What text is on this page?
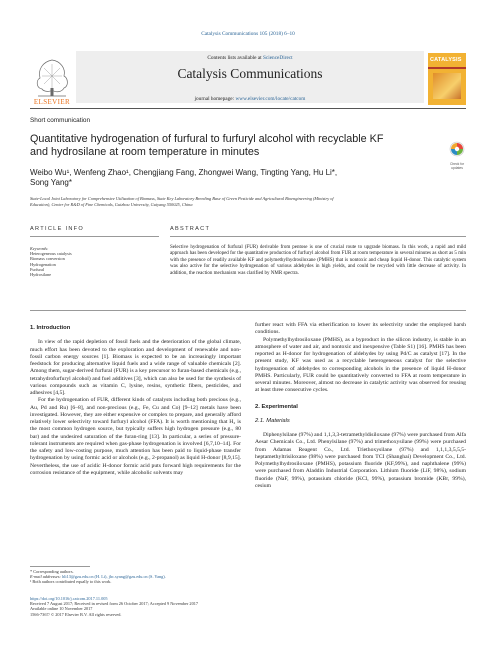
Catalysis Communications 105 (2018) 6–10
ELSEVIER
Contents lists available at ScienceDirect
Catalysis Communications
journal homepage: www.elsevier.com/locate/catcom
CATALYSIS
Short communication
Quantitative hydrogenation of furfural to furfuryl alcohol with recyclable KF
and hydrosilane at room temperature in minutes
Check for updates
Weibo Wu¹, Wenfeng Zhao¹, Chengjiang Fang, Zhongwei Wang, Tingting Yang, Hu Li*,
Song Yang*
State-Local Joint Laboratory for Comprehensive Utilization of Biomass, State Key Laboratory Breeding Base of Green Pesticide and Agricultural Bioengineering (Ministry of
Education), Center for R&D of Fine Chemicals, Guizhou University, Guiyang 550025, China
ARTICLE INFO	ABSTRACT
Keywords:
Heterogeneous catalysis
Biomass conversion
Hydrogenation
Furfural
Hydrosilane
Selective hydrogenation of furfural (FUR) derivable from pentose is one of crucial route to upgrade biomass. In this work, a rapid and mild approach has been developed for the quantitative production of furfuryl alcohol from FUR at room temperature in several minutes as short as 5 min with the presence of readily available KF and polymethylhydrosiloxane (PMHS) that is nontoxic and cheap liquid H-donor. This catalytic system was also active for the selective hydrogenation of various aldehydes in high yields, and could be recycled with little decrease of activity. In addition, the reaction mechanism was clarified by NMR spectra.
1. Introduction

In view of the rapid depletion of fossil fuels and the deterioration of the global climate, much effort has been devoted to the exploration and development of renewable and non-fossil carbon energy sources [1]. Biomass is expected to be an increasingly important feedstock for producing alternative liquid fuels and a wide range of valuable chemicals [2]. Among them, sugar-derived furfural (FUR) is a key precursor to furan-based chemicals (e.g., tetrahydrofurfuryl alcohol) and fuel additives [3], which can also be used for the synthesis of various compounds such as vitamin C, lysine, resins, synthetic fibers, pesticides, and adhesives [4,5].

For the hydrogenation of FUR, different kinds of catalysts including both precious (e.g., Au, Pd and Ru) [6–8], and non-precious (e.g., Fe, Cu and Co) [9–12] metals have been investigated. However, they are either expensive or complex to prepare, and generally afford relatively lower selectivity toward furfuryl alcohol (FFA). It is worth mentioning that H₂ is the most common hydrogen source, but typically suffers high hydrogen pressure (e.g., 80 bar) and the undesired saturation of the furan-ring [13]. In particular, a series of pressure-tolerant instruments are required when gas-phase hydrogenation is involved [6,7,10–14]. For the safety and low-costing purpose, much attention has been paid to liquid-phase transfer hydrogenation by using formic acid or alcohols (e.g., 2-propanol) as liquid H-donor [8,9,15]. Nevertheless, the use of acidic H-donor formic acid puts forward high requirements for the corrosion resistance of the equipment, while alcoholic solvents may

further react with FFA via etherification to lower its selectivity under the employed harsh conditions.

Polymethylhydrosiloxane (PMHS), as a byproduct in the silicon industry, is stable in an atmosphere of water and air, and nontoxic and inexpensive (Table S1) [16]. PMHS has been reported as H-donor for hydrogenation of aldehydes by using Pd/C as catalyst [17]. In the present study, KF was used as a recyclable heterogeneous catalyst for the selective hydrogenation of aldehydes to corresponding alcohols in the presence of liquid H-donor PMHS. Particularly, FUR could be quantitatively converted to FFA at room temperature in several minutes. Moreover, almost no decrease in catalytic activity was observed for reusing at least three consecutive cycles.

2. Experimental
2.1. Materials

Diphenylsilane (97%) and 1,1,3,3-tetramethyldisiloxane (97%) were purchased from Alfa Aesar Chemicals Co., Ltd. Phenylsilane (97%) and trimethoxysilane (99%) were purchased from Adamas Reagent Co., Ltd. Triethoxysilane (97%) and 1,1,1,3,5,5,5-heptamethyltrisiloxane (98%) were purchased from TCI (Shanghai) Development Co., Ltd. Polymethylhydrosiloxane (PMHS), potassium fluoride (KF,99%), and naphthalene (99%) were purchased from Aladdin Industrial Corporation. Lithium fluoride (LiF, 98%), sodium fluoride (NaF, 99%), potassium chloride (KCl, 99%), potassium bromide (KBr, 99%), cesium

* Corresponding authors.
E-mail addresses: hli13@gzu.edu.cn (H. Li), jhc.syang@gzu.edu.cn (S. Yang).
¹ Both authors contributed equally to this work.
https://doi.org/10.1016/j.catcom.2017.11.005
Received 7 August 2017; Received in revised form 26 October 2017; Accepted 9 November 2017
Available online 10 November 2017
1566-7367/ © 2017 Elsevier B.V. All rights reserved.
